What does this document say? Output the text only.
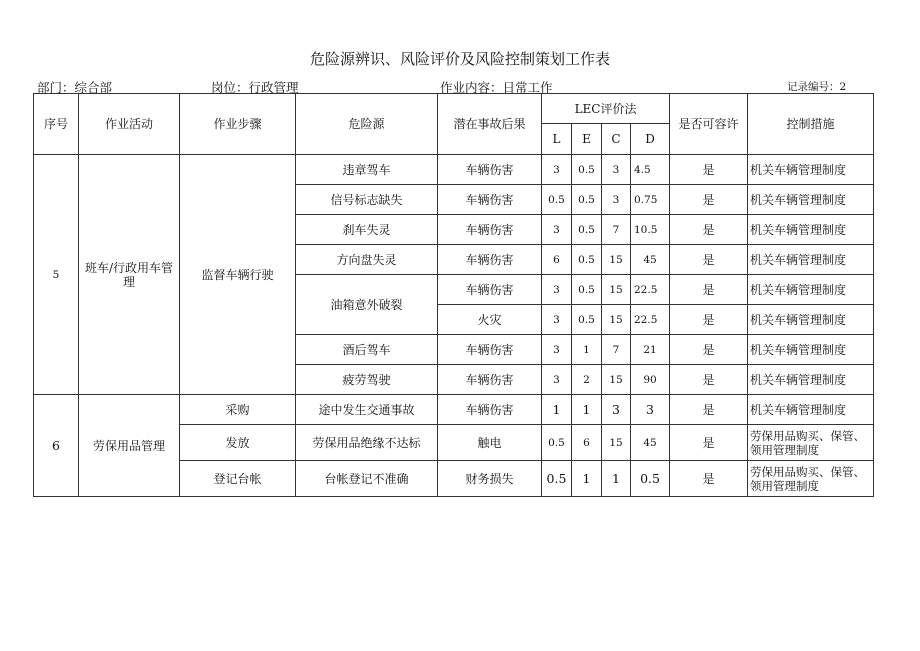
危险源辨识、风险评价及风险控制策划工作表
部门：综合部	岗位：行政管理	作业内容：日常工作	记录编号：2
序号	作业活动	作业步骤	危险源	潜在事故后果	LEC评价法				是否可容许	控制措施
					L	E	C	D		
5	班车/行政用车管理	监督车辆行驶	违章驾车	车辆伤害	3	0.5	3	4.5	是	机关车辆管理制度
			信号标志缺失	车辆伤害	0.5	0.5	3	0.75	是	机关车辆管理制度
			刹车失灵	车辆伤害	3	0.5	7	10.5	是	机关车辆管理制度
			方向盘失灵	车辆伤害	6	0.5	15	45	是	机关车辆管理制度
			油箱意外破裂	车辆伤害	3	0.5	15	22.5	是	机关车辆管理制度
				火灾	3	0.5	15	22.5	是	机关车辆管理制度
			酒后驾车	车辆伤害	3	1	7	21	是	机关车辆管理制度
			疲劳驾驶	车辆伤害	3	2	15	90	是	机关车辆管理制度
6	劳保用品管理	采购	途中发生交通事故	车辆伤害	1	1	3	3	是	机关车辆管理制度
		发放	劳保用品绝缘不达标	触电	0.5	6	15	45	是	劳保用品购买、保管、领用管理制度
		登记台帐	台帐登记不准确	财务损失	0.5	1	1	0.5	是	劳保用品购买、保管、领用管理制度
